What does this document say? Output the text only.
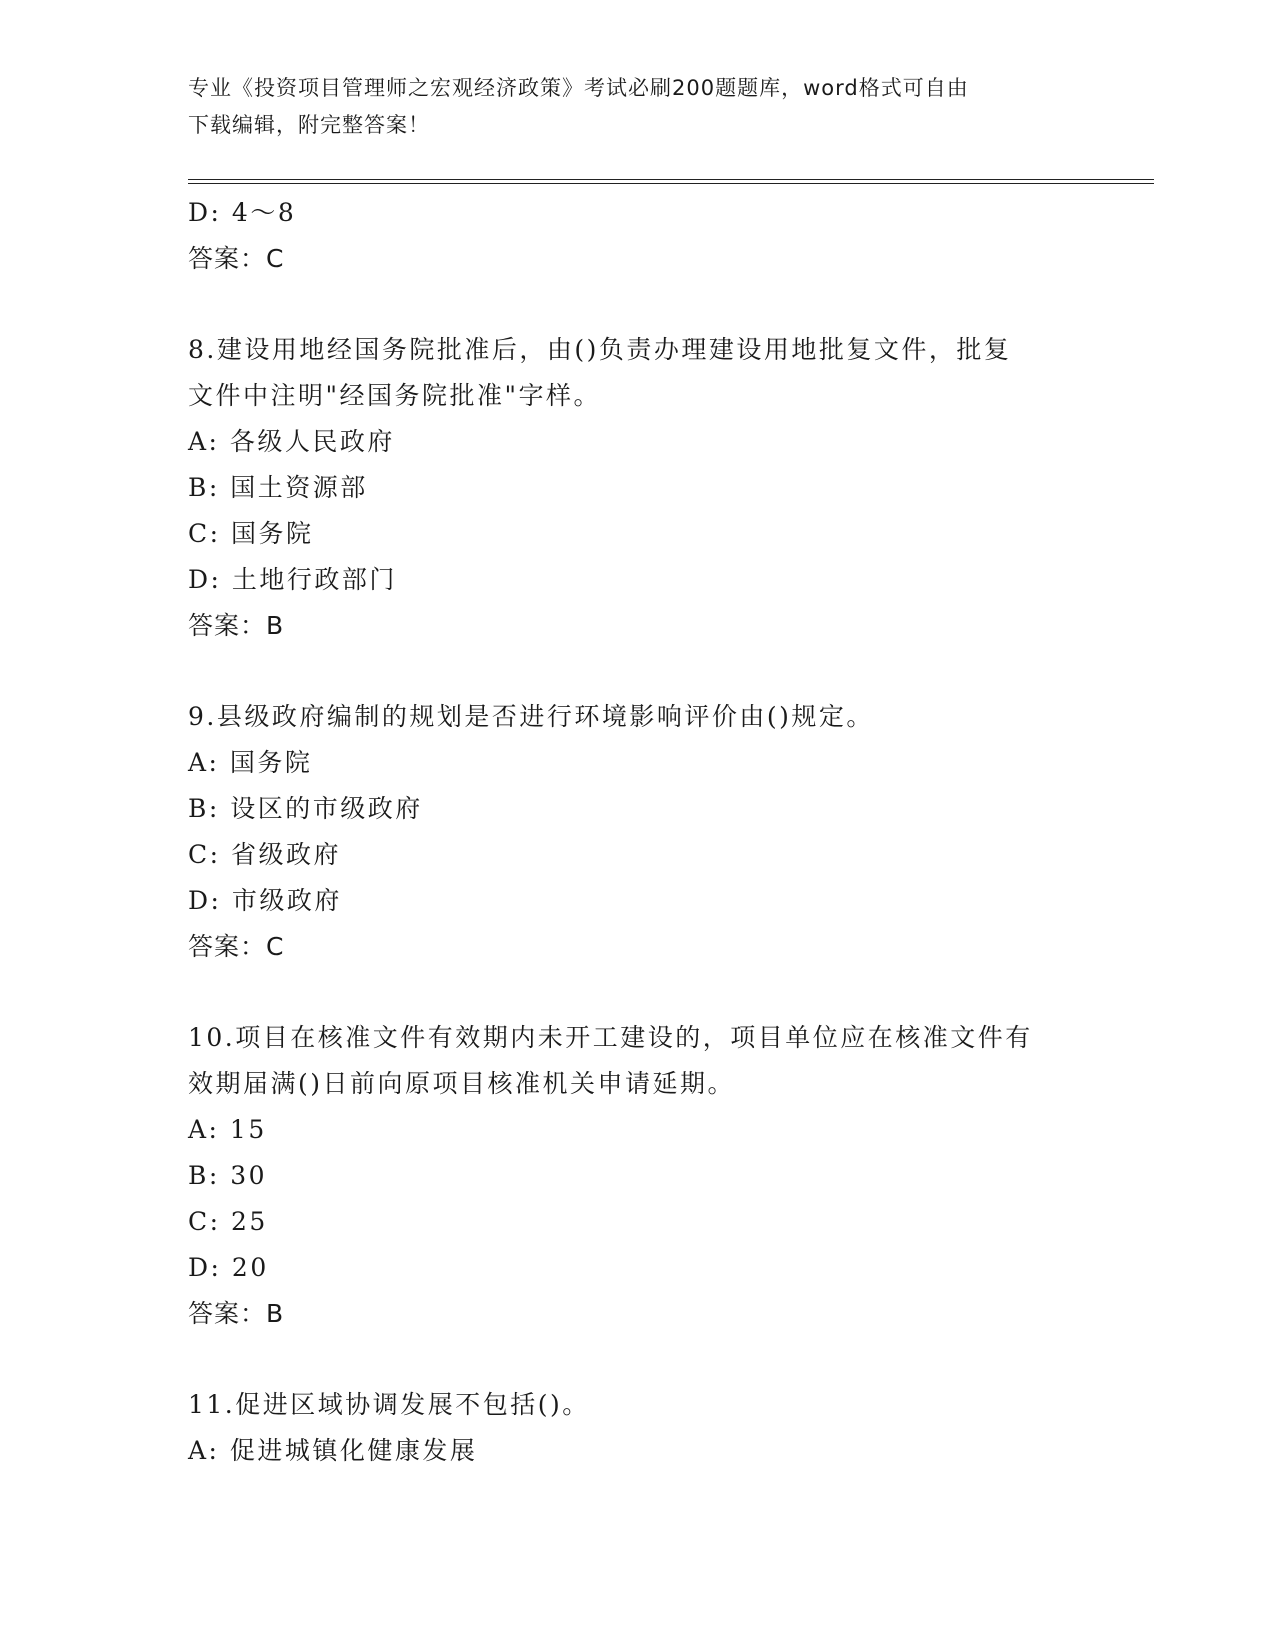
专业《投资项目管理师之宏观经济政策》考试必刷200题题库，word格式可自由
下载编辑，附完整答案！
D: 4～8
答案：C
8.建设用地经国务院批准后，由()负责办理建设用地批复文件，批复
文件中注明"经国务院批准"字样。
A: 各级人民政府
B: 国土资源部
C: 国务院
D: 土地行政部门
答案：B
9.县级政府编制的规划是否进行环境影响评价由()规定。
A: 国务院
B: 设区的市级政府
C: 省级政府
D: 市级政府
答案：C
10.项目在核准文件有效期内未开工建设的，项目单位应在核准文件有
效期届满()日前向原项目核准机关申请延期。
A: 15
B: 30
C: 25
D: 20
答案：B
11.促进区域协调发展不包括()。
A: 促进城镇化健康发展
